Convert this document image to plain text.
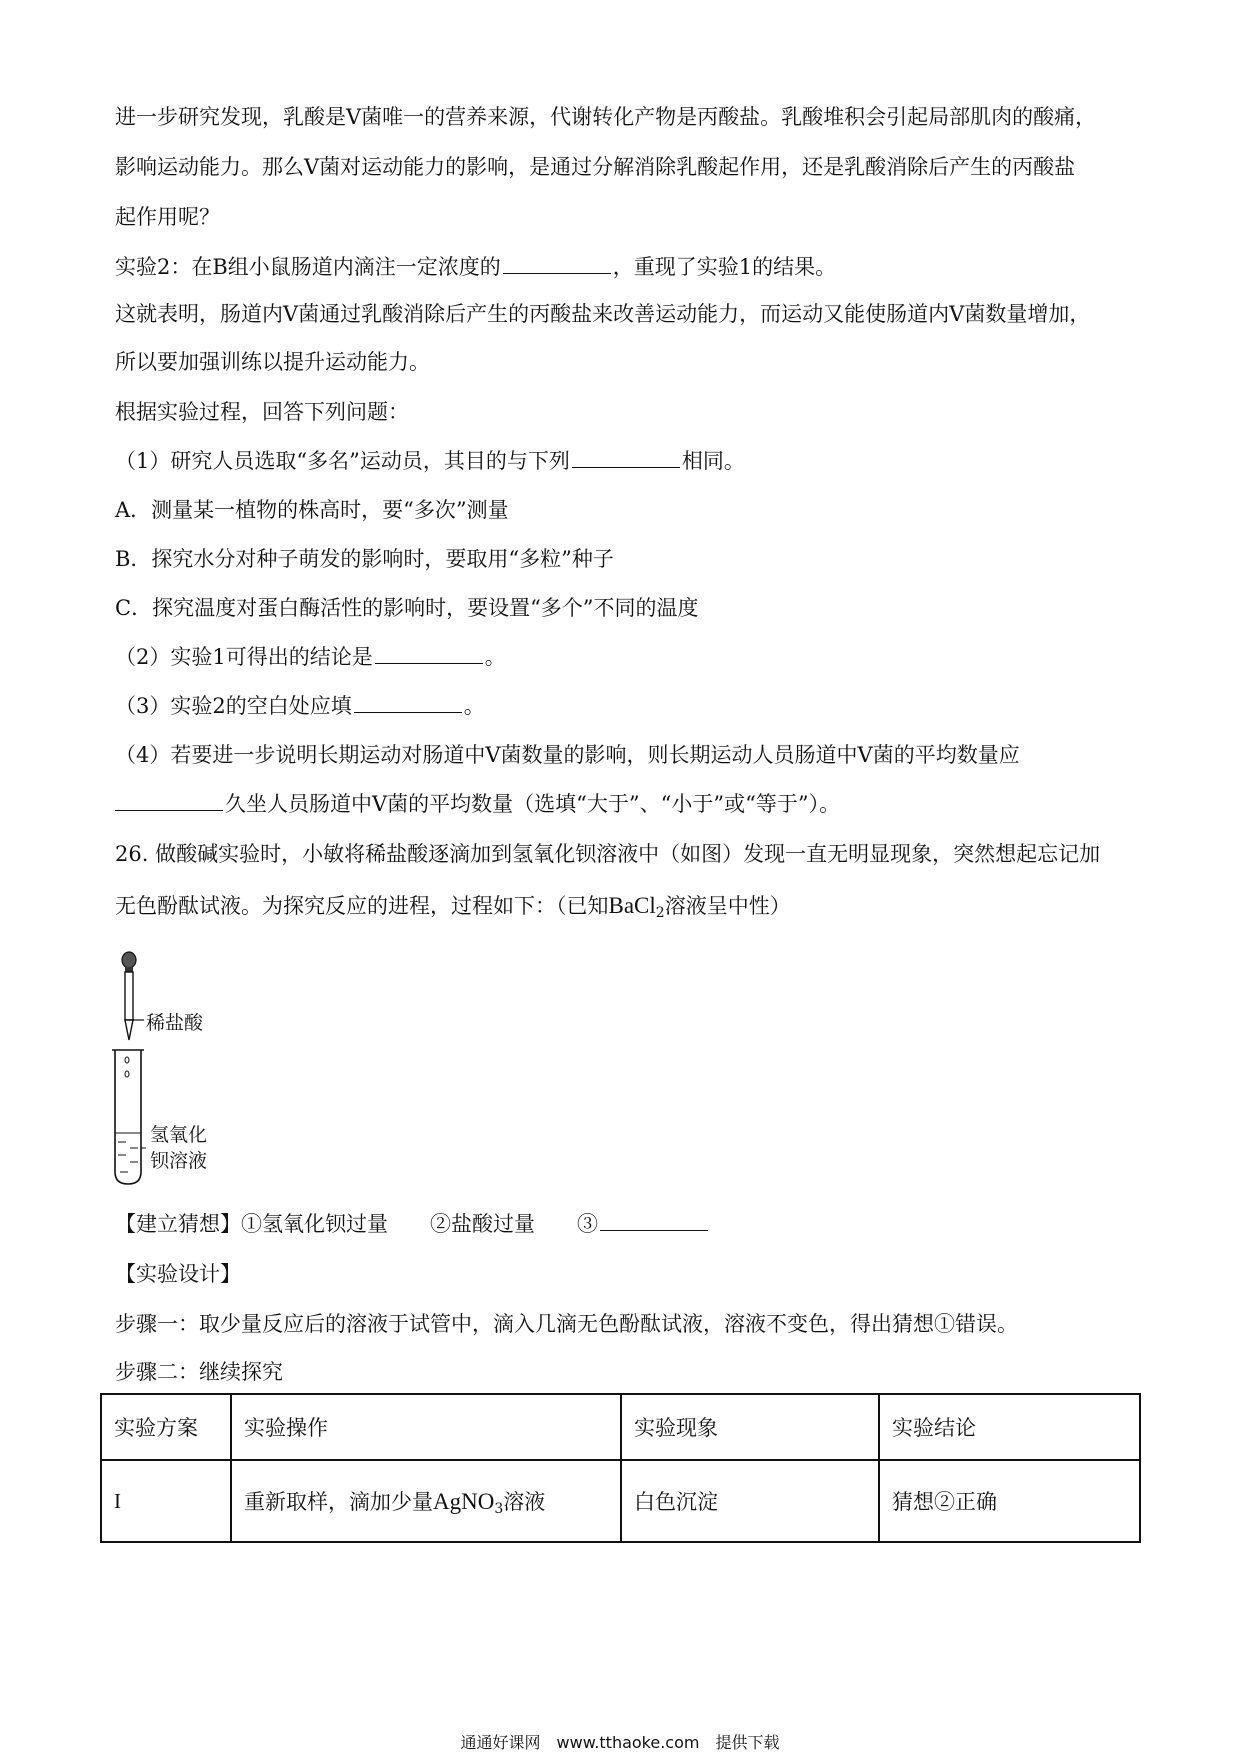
进一步研究发现，乳酸是V菌唯一的营养来源，代谢转化产物是丙酸盐。乳酸堆积会引起局部肌肉的酸痛，
影响运动能力。那么V菌对运动能力的影响，是通过分解消除乳酸起作用，还是乳酸消除后产生的丙酸盐
起作用呢？
实验2：在B组小鼠肠道内滴注一定浓度的	，重现了实验1的结果。
这就表明，肠道内V菌通过乳酸消除后产生的丙酸盐来改善运动能力，而运动又能使肠道内V菌数量增加，
所以要加强训练以提升运动能力。
根据实验过程，回答下列问题：
（1）研究人员选取“多名”运动员，其目的与下列	相同。
A．测量某一植物的株高时，要“多次”测量
B．探究水分对种子萌发的影响时，要取用“多粒”种子
C．探究温度对蛋白酶活性的影响时，要设置“多个”不同的温度
（2）实验1可得出的结论是	。
（3）实验2的空白处应填	。
（4）若要进一步说明长期运动对肠道中V菌数量的影响，则长期运动人员肠道中V菌的平均数量应
久坐人员肠道中V菌的平均数量（选填“大于”、“小于”或“等于”）。
26. 做酸碱实验时，小敏将稀盐酸逐滴加到氢氧化钡溶液中（如图）发现一直无明显现象，突然想起忘记加
无色酚酞试液。为探究反应的进程，过程如下：（已知BaCl$_2$溶液呈中性）
稀盐酸
氢氧化
钡溶液
【建立猜想】①氢氧化钡过量　　②盐酸过量　　③
【实验设计】
步骤一：取少量反应后的溶液于试管中，滴入几滴无色酚酞试液，溶液不变色，得出猜想①错误。
步骤二：继续探究
实验方案	实验操作	实验现象	实验结论
I	重新取样，滴加少量AgNO$_3$溶液	白色沉淀	猜想②正确
通通好课网　www.tthaoke.com　提供下载
